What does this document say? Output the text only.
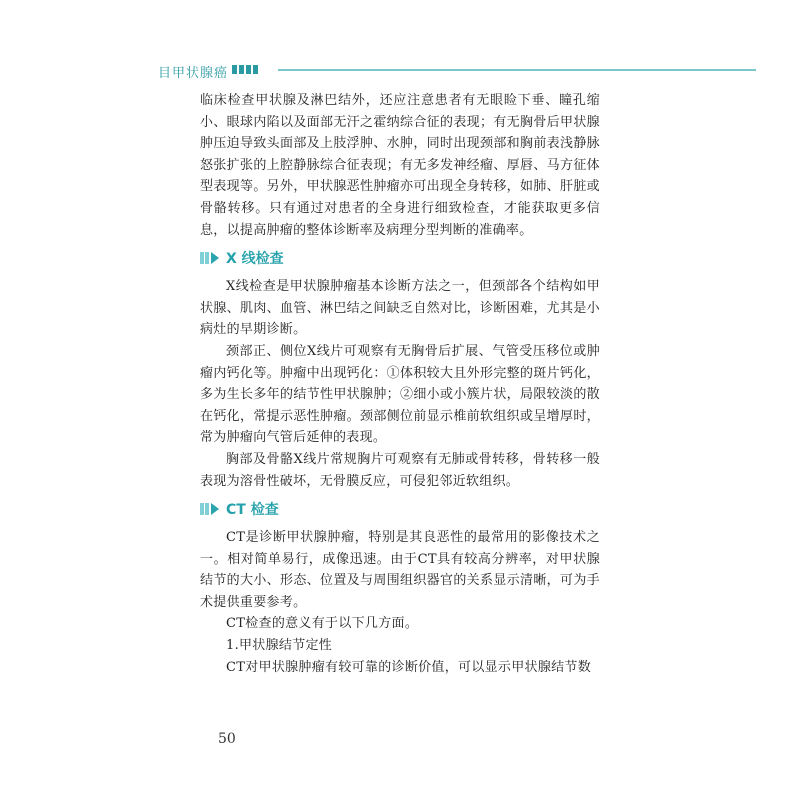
目 甲状腺癌

临床检查甲状腺及淋巴结外，还应注意患者有无眼睑下垂、瞳孔缩小、眼球内陷以及面部无汗之霍纳综合征的表现；有无胸骨后甲状腺肿压迫导致头面部及上肢浮肿、水肿，同时出现颈部和胸前表浅静脉怒张扩张的上腔静脉综合征表现；有无多发神经瘤、厚唇、马方征体型表现等。另外，甲状腺恶性肿瘤亦可出现全身转移，如肺、肝脏或骨骼转移。只有通过对患者的全身进行细致检查，才能获取更多信息，以提高肿瘤的整体诊断率及病理分型判断的准确率。

X 线检查

X线检查是甲状腺肿瘤基本诊断方法之一，但颈部各个结构如甲状腺、肌肉、血管、淋巴结之间缺乏自然对比，诊断困难，尤其是小病灶的早期诊断。

颈部正、侧位X线片可观察有无胸骨后扩展、气管受压移位或肿瘤内钙化等。肿瘤中出现钙化：①体积较大且外形完整的斑片钙化，多为生长多年的结节性甲状腺肿；②细小或小簇片状，局限较淡的散在钙化，常提示恶性肿瘤。颈部侧位前显示椎前软组织或呈增厚时，常为肿瘤向气管后延伸的表现。

胸部及骨骼X线片常规胸片可观察有无肺或骨转移，骨转移一般表现为溶骨性破坏，无骨膜反应，可侵犯邻近软组织。

CT 检查

CT是诊断甲状腺肿瘤，特别是其良恶性的最常用的影像技术之一。相对简单易行，成像迅速。由于CT具有较高分辨率，对甲状腺结节的大小、形态、位置及与周围组织器官的关系显示清晰，可为手术提供重要参考。

CT检查的意义有于以下几方面。

1.甲状腺结节定性

CT对甲状腺肿瘤有较可靠的诊断价值，可以显示甲状腺结节数

50
